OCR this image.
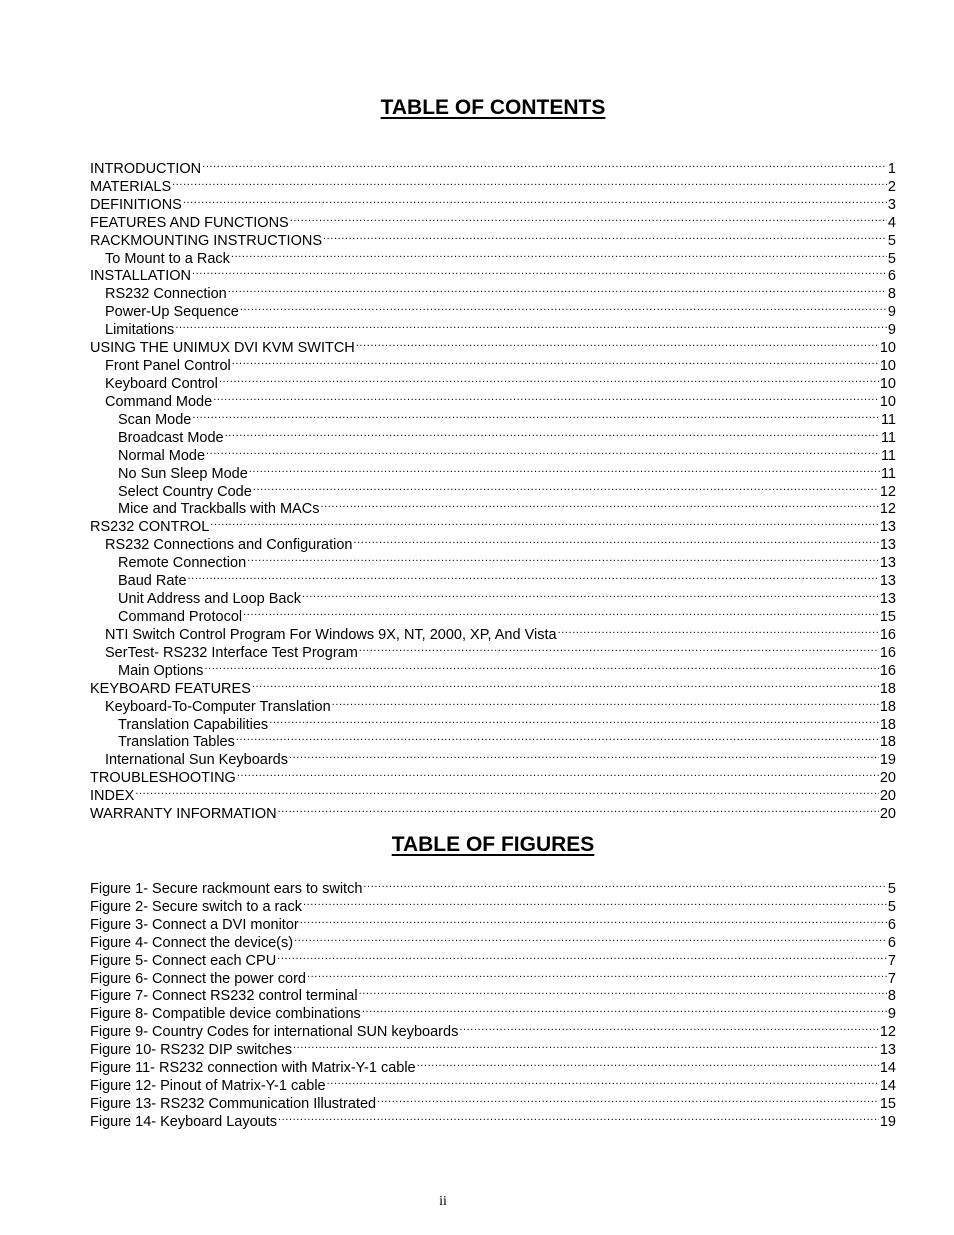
TABLE OF CONTENTS
INTRODUCTION .....	1
MATERIALS .....	2
DEFINITIONS .....	3
FEATURES AND FUNCTIONS .....	4
RACKMOUNTING INSTRUCTIONS .....	5
To Mount to a Rack .....	5
INSTALLATION .....	6
RS232 Connection .....	8
Power-Up Sequence .....	9
Limitations .....	9
USING THE UNIMUX DVI KVM SWITCH .....	10
Front Panel Control .....	10
Keyboard Control .....	10
Command Mode .....	10
Scan Mode .....	11
Broadcast Mode .....	11
Normal Mode .....	11
No Sun Sleep Mode .....	11
Select Country Code .....	12
Mice and Trackballs with MACs .....	12
RS232 CONTROL .....	13
RS232 Connections and Configuration .....	13
Remote Connection .....	13
Baud Rate .....	13
Unit Address and Loop Back .....	13
Command Protocol .....	15
NTI Switch Control Program For Windows 9X, NT, 2000, XP, And Vista .....	16
SerTest- RS232 Interface Test Program .....	16
Main Options .....	16
KEYBOARD FEATURES .....	18
Keyboard-To-Computer Translation .....	18
Translation Capabilities .....	18
Translation Tables .....	18
International Sun Keyboards .....	19
TROUBLESHOOTING .....	20
INDEX .....	20
WARRANTY INFORMATION .....	20
TABLE OF FIGURES
Figure 1- Secure rackmount ears to switch .....	5
Figure 2- Secure switch to a rack .....	5
Figure 3- Connect a DVI monitor .....	6
Figure 4- Connect the device(s) .....	6
Figure 5- Connect each CPU .....	7
Figure 6- Connect the power cord .....	7
Figure 7- Connect RS232 control terminal .....	8
Figure 8- Compatible device combinations .....	9
Figure 9- Country Codes for international SUN keyboards .....	12
Figure 10- RS232 DIP switches .....	13
Figure 11- RS232 connection with Matrix-Y-1 cable .....	14
Figure 12- Pinout of Matrix-Y-1 cable .....	14
Figure 13- RS232 Communication Illustrated .....	15
Figure 14- Keyboard Layouts .....	19
ii
